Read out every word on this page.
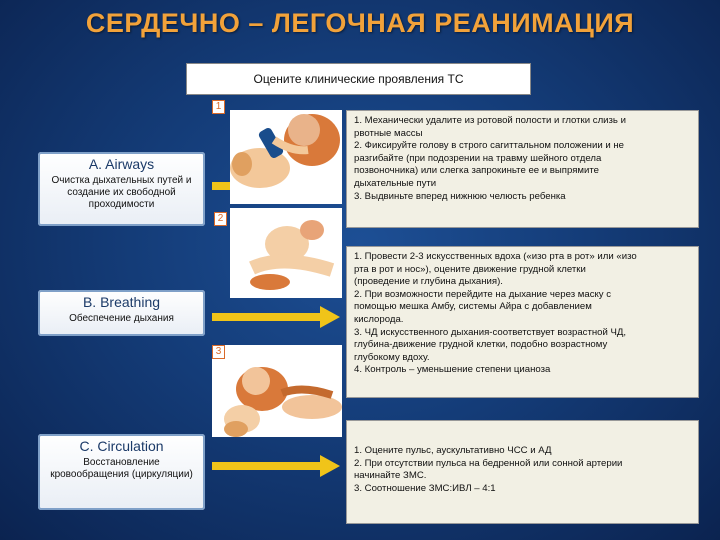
СЕРДЕЧНО – ЛЕГОЧНАЯ РЕАНИМАЦИЯ
Оцените клинические проявления ТС
A. Airways
Очистка дыхательных путей и создание их свободной проходимости
1. Механически удалите из ротовой полости и глотки слизь и
рвотные массы
2. Фиксируйте голову в строго сагиттальном положении и не
разгибайте (при подозрении на травму шейного отдела
позвоночника) или слегка запрокиньте ее и выпрямите
дыхательные пути
3. Выдвиньте вперед нижнюю челюсть ребенка
1
2
B. Breathing
Обеспечение дыхания
1. Провести 2-3 искусственных вдоха («изо рта в рот» или «изо
рта в рот и нос»), оцените движение грудной клетки
(проведение и глубина дыхания).
2. При возможности перейдите на дыхание через маску с
помощью мешка Амбу, системы Айра с добавлением
кислорода.
3. ЧД искусственного дыхания-соответствует возрастной ЧД,
глубина-движение грудной клетки, подобно возрастному
глубокому вдоху.
4. Контроль – уменьшение степени цианоза
3
C. Circulation
Восстановление кровообращения (циркуляции)
1. Оцените пульс, аускультативно ЧСС и АД
2. При отсутствии пульса на бедренной или сонной артерии
начинайте ЗМС.
3. Соотношение ЗМС:ИВЛ – 4:1
